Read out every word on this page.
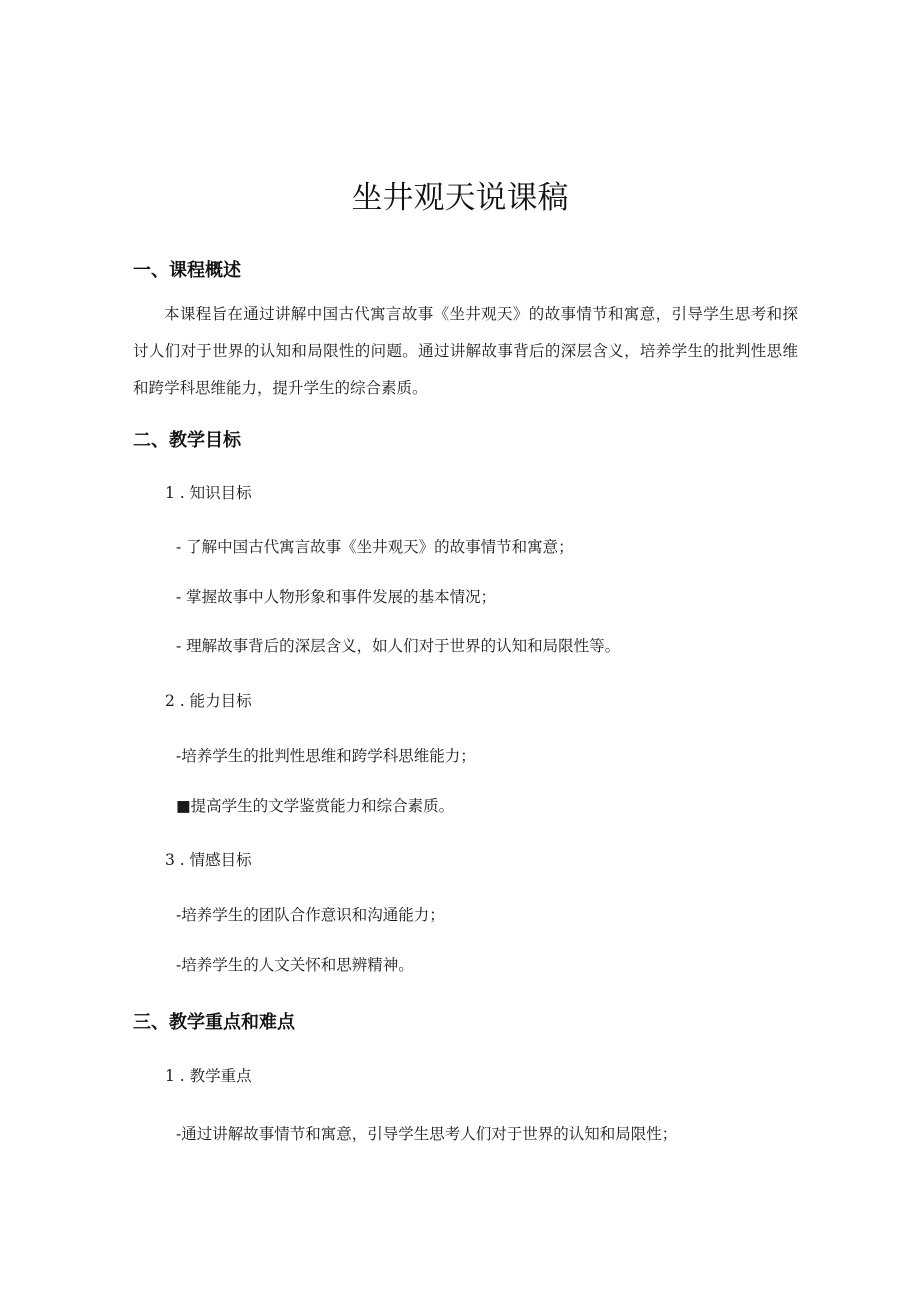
坐井观天说课稿
一、课程概述

本课程旨在通过讲解中国古代寓言故事《坐井观天》的故事情节和寓意，引导学生思考和探讨人们对于世界的认知和局限性的问题。通过讲解故事背后的深层含义，培养学生的批判性思维和跨学科思维能力，提升学生的综合素质。

二、教学目标

1 . 知识目标

- 了解中国古代寓言故事《坐井观天》的故事情节和寓意；

- 掌握故事中人物形象和事件发展的基本情况；

- 理解故事背后的深层含义，如人们对于世界的认知和局限性等。

2 . 能力目标

-培养学生的批判性思维和跨学科思维能力；

■提高学生的文学鉴赏能力和综合素质。

3 . 情感目标

-培养学生的团队合作意识和沟通能力；

-培养学生的人文关怀和思辨精神。

三、教学重点和难点

1 . 教学重点

-通过讲解故事情节和寓意，引导学生思考人们对于世界的认知和局限性；
